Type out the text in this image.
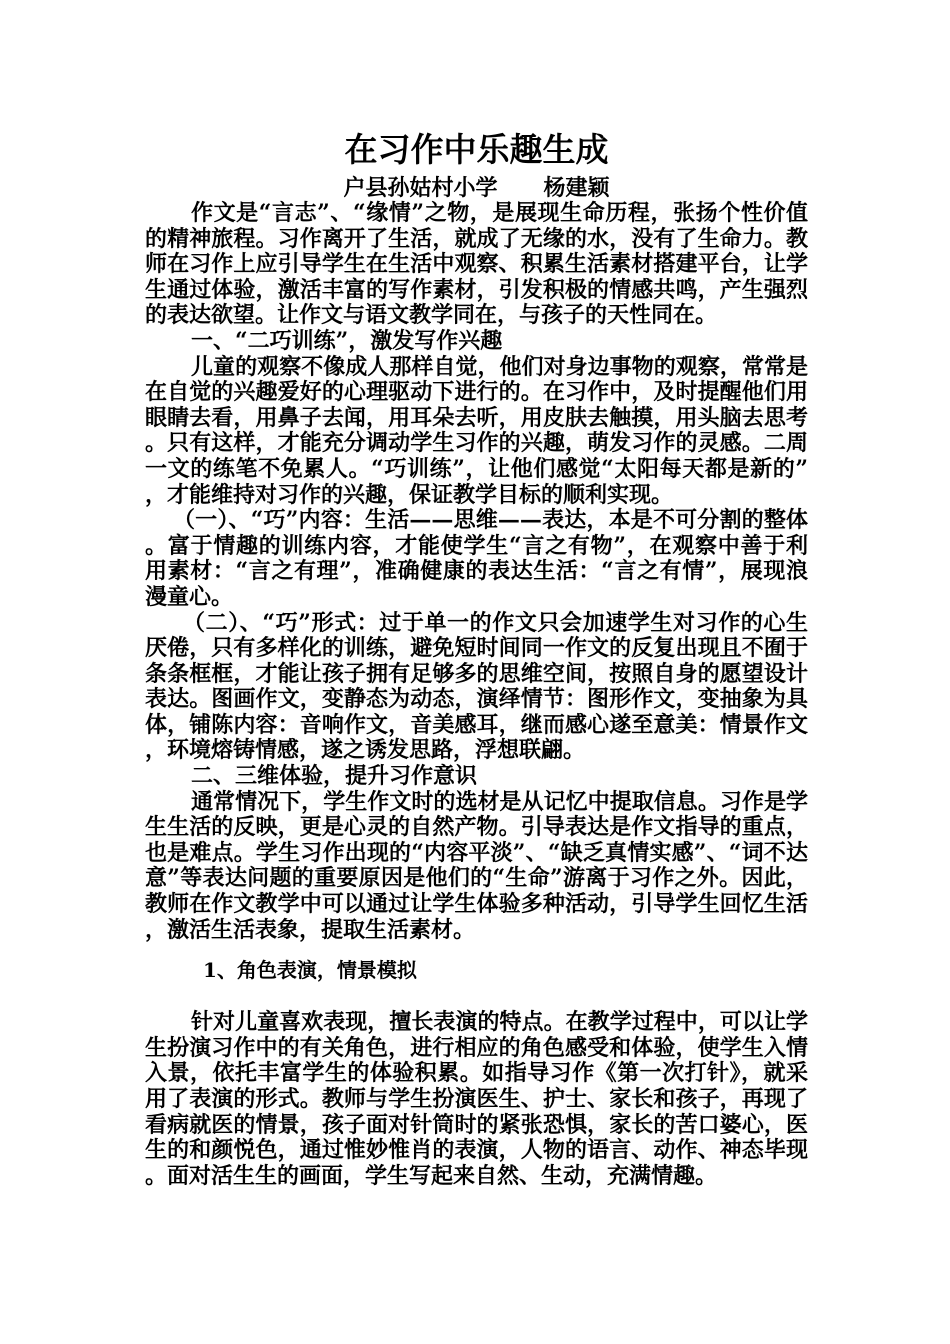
在习作中乐趣生成
户县孙姑村小学      杨建颖

作文是“言志”、“缘情”之物，是展现生命历程，张扬个性价值的精神旅程。习作离开了生活，就成了无缘的水，没有了生命力。教师在习作上应引导学生在生活中观察、积累生活素材搭建平台，让学生通过体验，激活丰富的写作素材，引发积极的情感共鸣，产生强烈的表达欲望。让作文与语文教学同在，与孩子的天性同在。

一、“二巧训练”，激发写作兴趣

儿童的观察不像成人那样自觉，他们对身边事物的观察，常常是在自觉的兴趣爱好的心理驱动下进行的。在习作中，及时提醒他们用眼睛去看，用鼻子去闻，用耳朵去听，用皮肤去触摸，用头脑去思考。只有这样，才能充分调动学生习作的兴趣，萌发习作的灵感。二周一文的练笔不免累人。“巧训练”，让他们感觉“太阳每天都是新的”，才能维持对习作的兴趣，保证教学目标的顺利实现。

（一）、“巧”内容：生活——思维——表达，本是不可分割的整体。富于情趣的训练内容，才能使学生“言之有物”，在观察中善于利用素材：“言之有理”，准确健康的表达生活：“言之有情”，展现浪漫童心。

（二）、“巧”形式：过于单一的作文只会加速学生对习作的心生厌倦，只有多样化的训练，避免短时间同一作文的反复出现且不囿于条条框框，才能让孩子拥有足够多的思维空间，按照自身的愿望设计表达。图画作文，变静态为动态，演绎情节：图形作文，变抽象为具体，铺陈内容：音响作文，音美感耳，继而感心遂至意美：情景作文，环境熔铸情感，遂之诱发思路，浮想联翩。

二、三维体验，提升习作意识

通常情况下，学生作文时的选材是从记忆中提取信息。习作是学生生活的反映，更是心灵的自然产物。引导表达是作文指导的重点，也是难点。学生习作出现的“内容平淡”、“缺乏真情实感”、“词不达意”等表达问题的重要原因是他们的“生命”游离于习作之外。因此，教师在作文教学中可以通过让学生体验多种活动，引导学生回忆生活，激活生活表象，提取生活素材。

1、角色表演，情景模拟

针对儿童喜欢表现，擅长表演的特点。在教学过程中，可以让学生扮演习作中的有关角色，进行相应的角色感受和体验，使学生入情入景，依托丰富学生的体验积累。如指导习作《第一次打针》，就采用了表演的形式。教师与学生扮演医生、护士、家长和孩子，再现了看病就医的情景，孩子面对针筒时的紧张恐惧，家长的苦口婆心，医生的和颜悦色，通过惟妙惟肖的表演，人物的语言、动作、神态毕现。面对活生生的画面，学生写起来自然、生动，充满情趣。
